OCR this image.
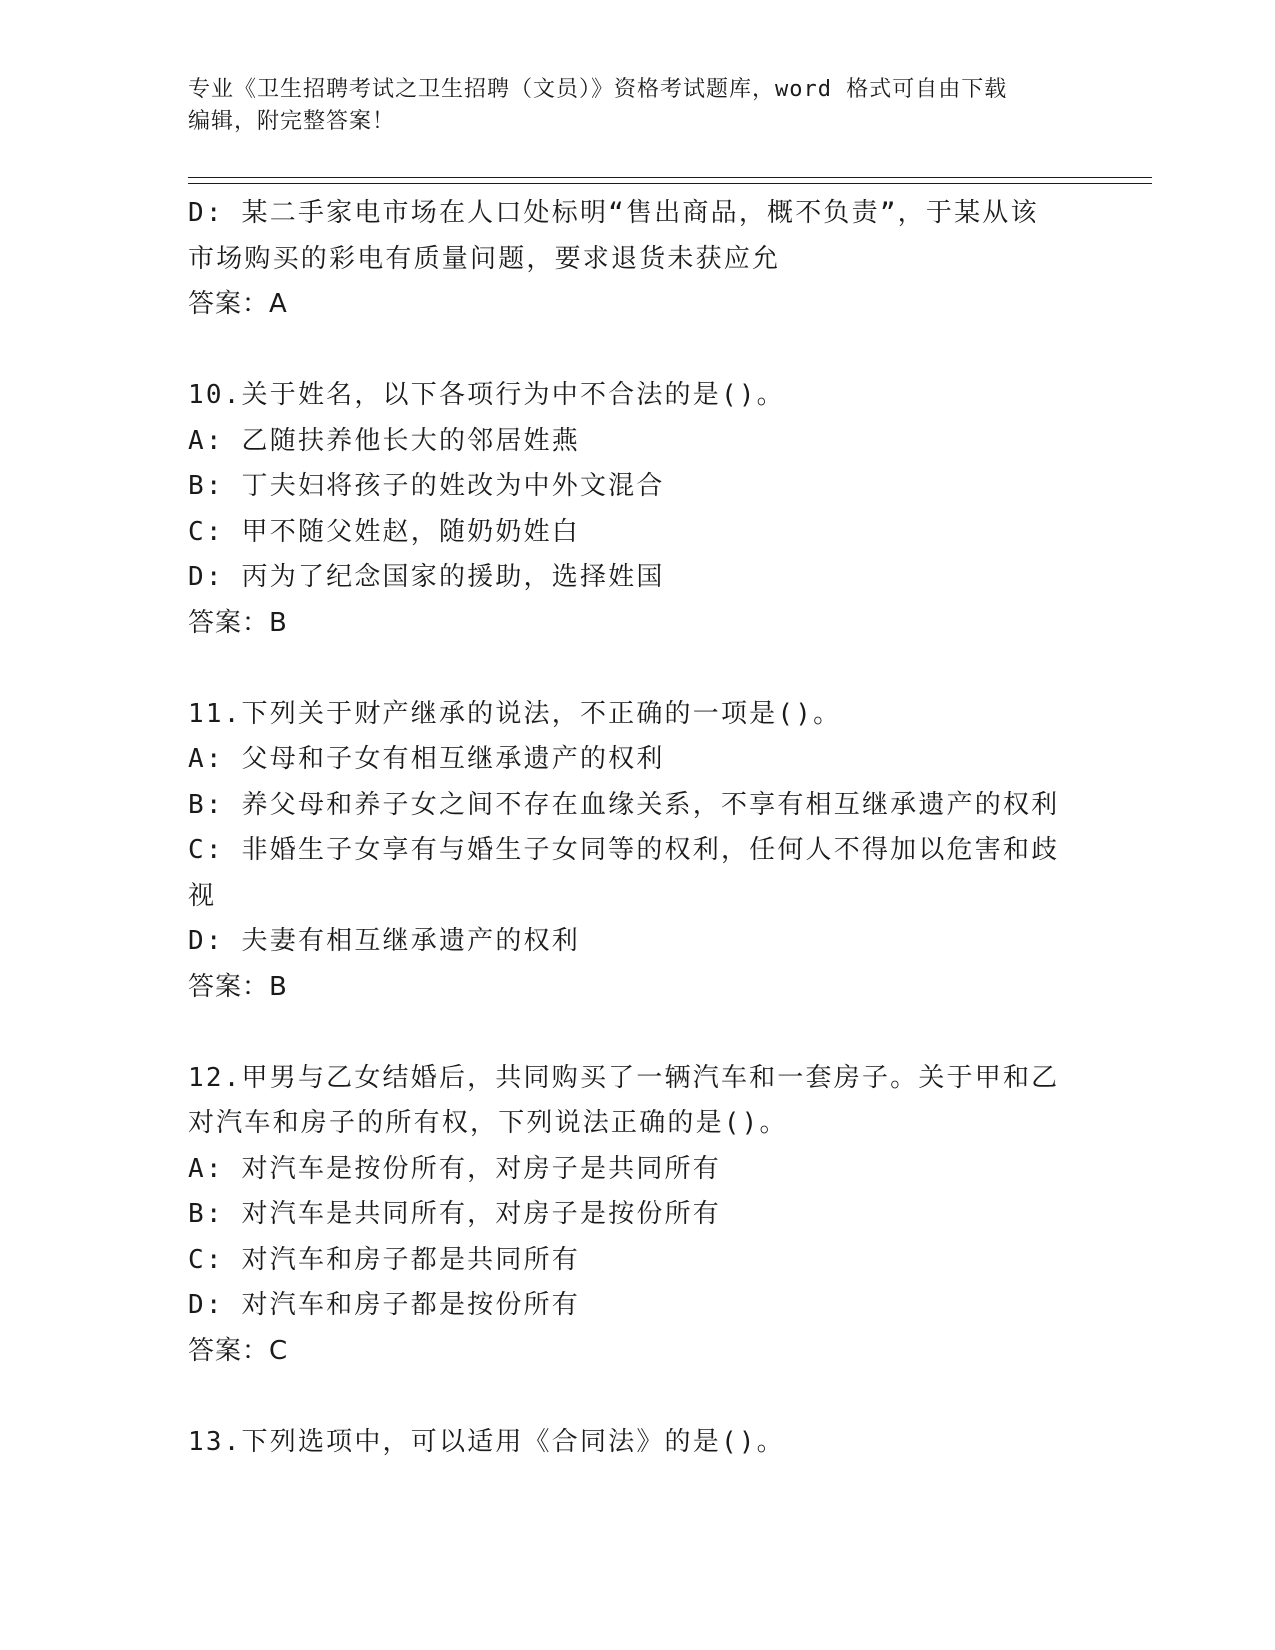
专业《卫生招聘考试之卫生招聘（文员）》资格考试题库，word 格式可自由下载
编辑，附完整答案！
D: 某二手家电市场在人口处标明“售出商品，概不负责”，于某从该
市场购买的彩电有质量问题，要求退货未获应允
答案：A
10.关于姓名，以下各项行为中不合法的是()。
A: 乙随扶养他长大的邻居姓燕
B: 丁夫妇将孩子的姓改为中外文混合
C: 甲不随父姓赵，随奶奶姓白
D: 丙为了纪念国家的援助，选择姓国
答案：B
11.下列关于财产继承的说法，不正确的一项是()。
A: 父母和子女有相互继承遗产的权利
B: 养父母和养子女之间不存在血缘关系，不享有相互继承遗产的权利
C: 非婚生子女享有与婚生子女同等的权利，任何人不得加以危害和歧
视
D: 夫妻有相互继承遗产的权利
答案：B
12.甲男与乙女结婚后，共同购买了一辆汽车和一套房子。关于甲和乙
对汽车和房子的所有权，下列说法正确的是()。
A: 对汽车是按份所有，对房子是共同所有
B: 对汽车是共同所有，对房子是按份所有
C: 对汽车和房子都是共同所有
D: 对汽车和房子都是按份所有
答案：C
13.下列选项中，可以适用《合同法》的是()。
